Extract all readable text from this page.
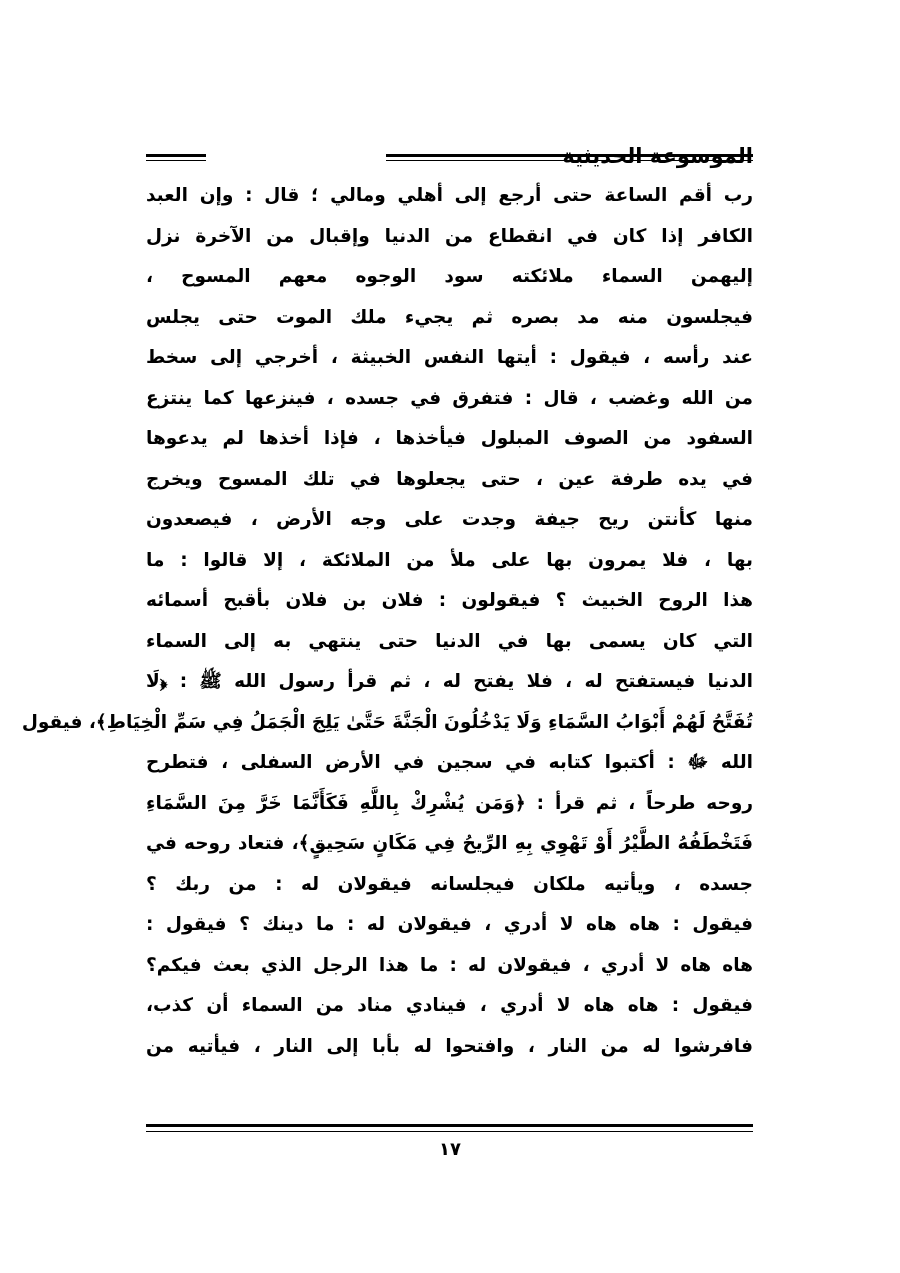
الموسوعة الحديثية
رب أقم الساعة حتى أرجع إلى أهلي ومالي ؛ قال : وإن العبد
الكافر إذا كان في انقطاع من الدنيا وإقبال من الآخرة نزل
إليهمن السماء ملائكته سود الوجوه معهم المسوح ،
فيجلسون منه مد بصره ثم يجيء ملك الموت حتى يجلس
عند رأسه ، فيقول : أيتها النفس الخبيثة ، أخرجي إلى سخط
من الله وغضب ، قال : فتفرق في جسده ، فينزعها كما ينتزع
السفود من الصوف المبلول فيأخذها ، فإذا أخذها لم يدعوها
في يده طرفة عين ، حتى يجعلوها في تلك المسوح ويخرج
منها كأنتن ريح جيفة وجدت على وجه الأرض ، فيصعدون
بها ، فلا يمرون بها على ملأ من الملائكة ، إلا قالوا : ما
هذا الروح الخبيث ؟ فيقولون : فلان بن فلان بأقبح أسمائه
التي كان يسمى بها في الدنيا حتى ينتهي به إلى السماء
الدنيا فيستفتح له ، فلا يفتح له ، ثم قرأ رسول الله ﷺ : ﴿لَا
تُفَتَّحُ لَهُمْ أَبْوَابُ السَّمَاءِ وَلَا يَدْخُلُونَ الْجَنَّةَ حَتَّىٰ يَلِجَ الْجَمَلُ فِي سَمِّ الْخِيَاطِ﴾، فيقول
الله ﷻ : أكتبوا كتابه في سجين في الأرض السفلى ، فتطرح
روحه طرحاً ، ثم قرأ : ﴿وَمَن يُشْرِكْ بِاللَّهِ فَكَأَنَّمَا خَرَّ مِنَ السَّمَاءِ
فَتَخْطَفُهُ الطَّيْرُ أَوْ تَهْوِي بِهِ الرِّيحُ فِي مَكَانٍ سَحِيقٍ﴾، فتعاد روحه في
جسده ، ويأتيه ملكان فيجلسانه فيقولان له : من ربك ؟
فيقول : هاه هاه لا أدري ، فيقولان له : ما دينك ؟ فيقول :
هاه هاه لا أدري ، فيقولان له : ما هذا الرجل الذي بعث فيكم؟
فيقول : هاه هاه لا أدري ، فينادي مناد من السماء أن كذب،
فافرشوا له من النار ، وافتحوا له بأبا إلى النار ، فيأتيه من
١٧
